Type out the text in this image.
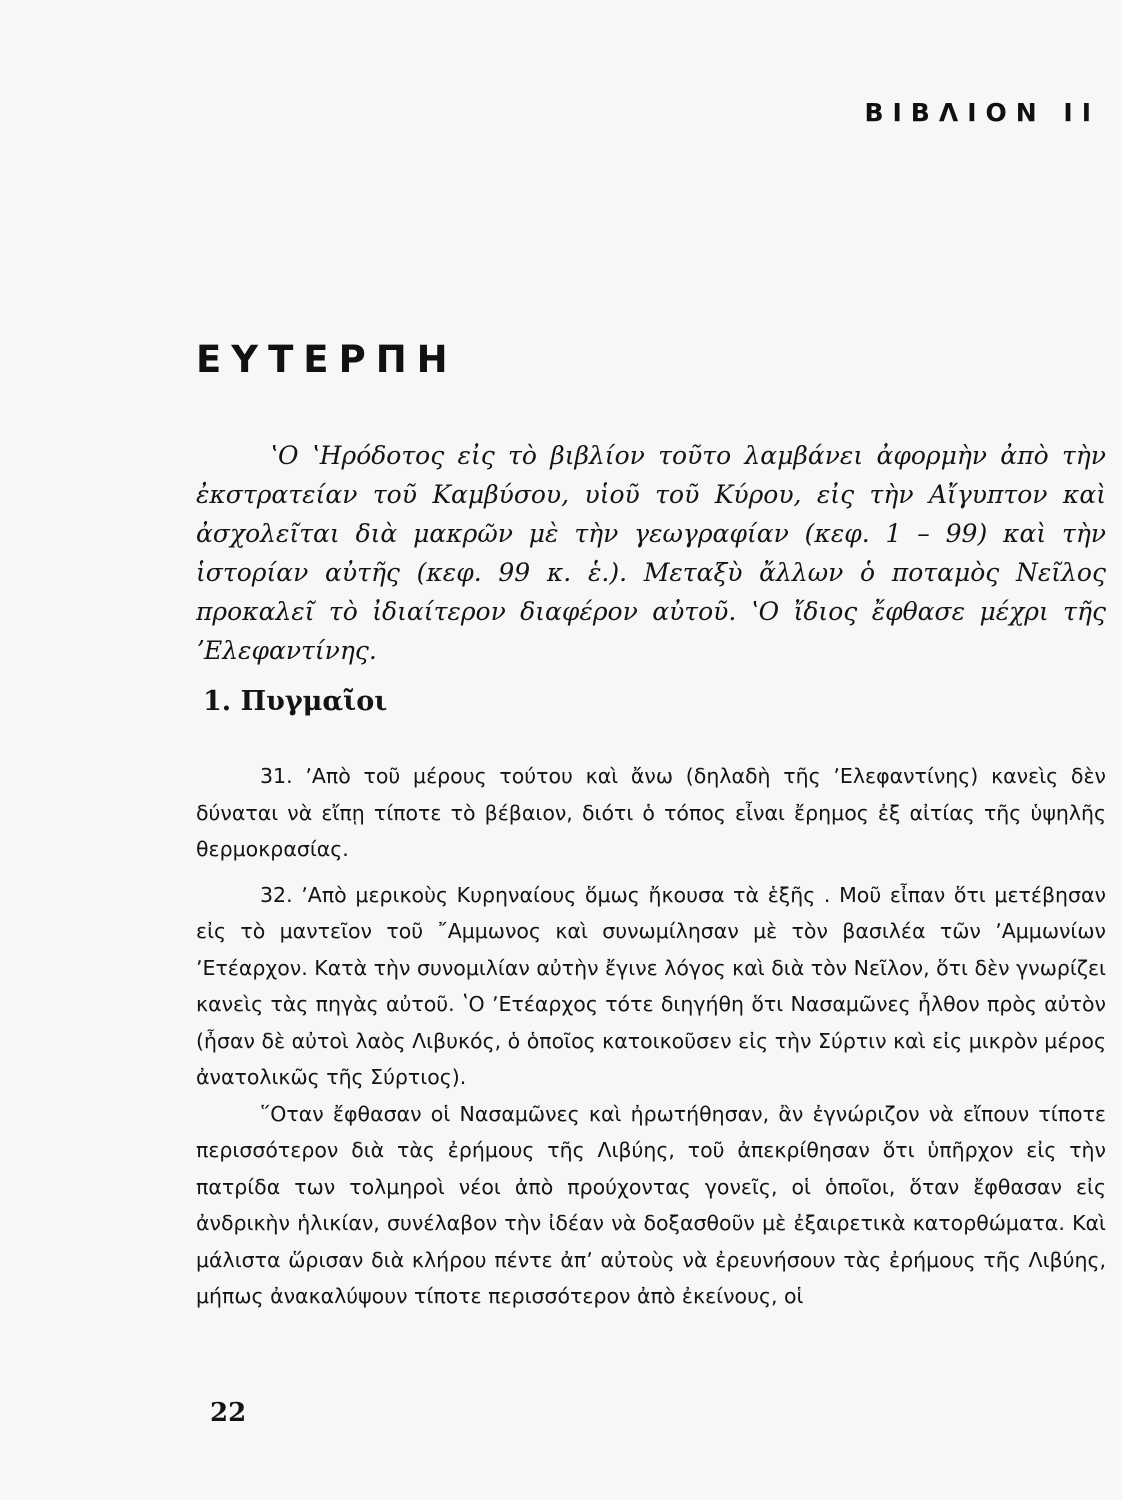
ΒΙΒΛΙΟΝ ΙΙ
ΕΥΤΕΡΠΗ

ʽΟ ʽΗρόδοτος εἰς τὸ βιβλίον τοῦτο λαμβάνει ἀφορμὴν ἀπὸ τὴν ἐκστρατείαν τοῦ Καμβύσου, υἱοῦ τοῦ Κύρου, εἰς τὴν Αἴγυπτον καὶ ἀσχολεῖται διὰ μακρῶν μὲ τὴν γεωγραφίαν (κεφ. 1 – 99) καὶ τὴν ἱστορίαν αὐτῆς (κεφ. 99 κ. ἑ.). Μεταξὺ ἄλλων ὁ ποταμὸς Νεῖλος προκαλεῖ τὸ ἰδιαίτερον διαφέρον αὐτοῦ. ʽΟ ἴδιος ἔφθασε μέχρι τῆς ʼΕλεφαντίνης.

1. Πυγμαῖοι

31. ʼΑπὸ τοῦ μέρους τούτου καὶ ἄνω (δηλαδὴ τῆς ʼΕλεφαντίνης) κανεὶς δὲν δύναται νὰ εἴπῃ τίποτε τὸ βέβαιον, διότι ὁ τόπος εἶναι ἔρημος ἐξ αἰτίας τῆς ὑψηλῆς θερμοκρασίας.

32. ʼΑπὸ μερικοὺς Κυρηναίους ὅμως ἤκουσα τὰ ἑξῆς . Μοῦ εἶπαν ὅτι μετέβησαν εἰς τὸ μαντεῖον τοῦ ῎Αμμωνος καὶ συνωμίλησαν μὲ τὸν βασιλέα τῶν ʼΑμμωνίων ʼΕτέαρχον. Κατὰ τὴν συνομιλίαν αὐτὴν ἔγινε λόγος καὶ διὰ τὸν Νεῖλον, ὅτι δὲν γνωρίζει κανεὶς τὰς πηγὰς αὐτοῦ. ʽΟ ʼΕτέαρχος τότε διηγήθη ὅτι Νασαμῶνες ἦλθον πρὸς αὐτὸν (ἦσαν δὲ αὐτοὶ λαὸς Λιβυκός, ὁ ὁποῖος κατοικοῦσεν εἰς τὴν Σύρτιν καὶ εἰς μικρὸν μέρος ἀνατολικῶς τῆς Σύρτιος).

῞Οταν ἔφθασαν οἱ Νασαμῶνες καὶ ἠρωτήθησαν, ἂν ἐγνώριζον νὰ εἴπουν τίποτε περισσότερον διὰ τὰς ἐρήμους τῆς Λιβύης, τοῦ ἀπεκρίθησαν ὅτι ὑπῆρχον εἰς τὴν πατρίδα των τολμηροὶ νέοι ἀπὸ προύχοντας γονεῖς, οἱ ὁποῖοι, ὅταν ἔφθασαν εἰς ἀνδρικὴν ἡλικίαν, συνέλαβον τὴν ἰδέαν νὰ δοξασθοῦν μὲ ἐξαιρετικὰ κατορθώματα. Καὶ μάλιστα ὥρισαν διὰ κλήρου πέντε ἀπʼ αὐτοὺς νὰ ἐρευνήσουν τὰς ἐρήμους τῆς Λιβύης, μήπως ἀνακαλύψουν τίποτε περισσότερον ἀπὸ ἐκείνους, οἱ

22
